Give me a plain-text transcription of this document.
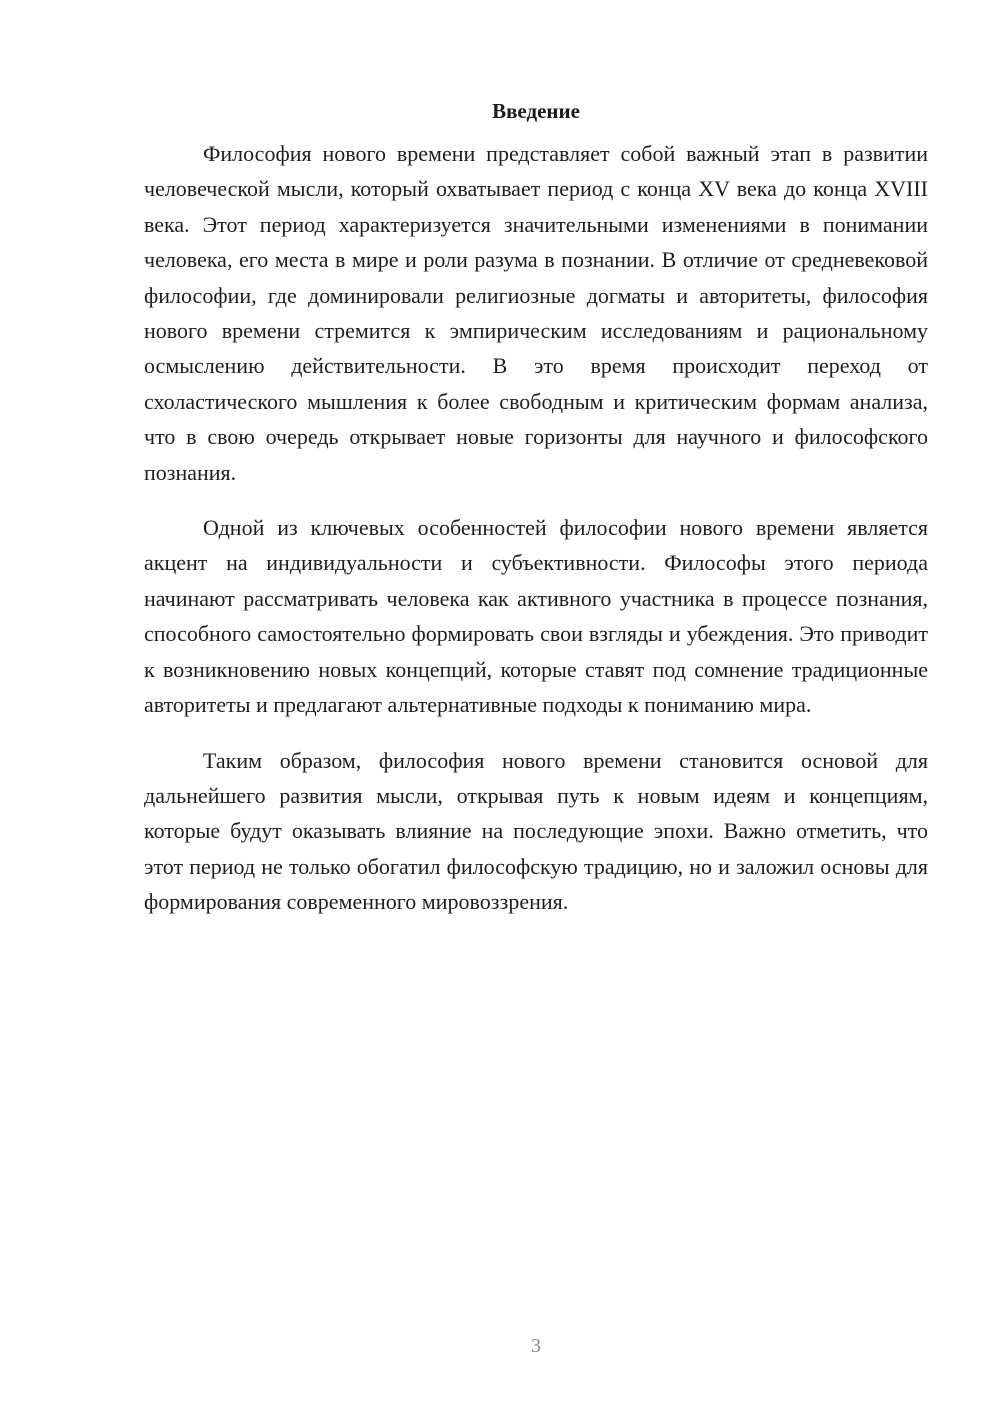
Введение

Философия нового времени представляет собой важный этап в развитии человеческой мысли, который охватывает период с конца XV века до конца XVIII века. Этот период характеризуется значительными изменениями в понимании человека, его места в мире и роли разума в познании. В отличие от средневековой философии, где доминировали религиозные догматы и авторитеты, философия нового времени стремится к эмпирическим исследованиям и рациональному осмыслению действительности. В это время происходит переход от схоластического мышления к более свободным и критическим формам анализа, что в свою очередь открывает новые горизонты для научного и философского познания.

Одной из ключевых особенностей философии нового времени является акцент на индивидуальности и субъективности. Философы этого периода начинают рассматривать человека как активного участника в процессе познания, способного самостоятельно формировать свои взгляды и убеждения. Это приводит к возникновению новых концепций, которые ставят под сомнение традиционные авторитеты и предлагают альтернативные подходы к пониманию мира.

Таким образом, философия нового времени становится основой для дальнейшего развития мысли, открывая путь к новым идеям и концепциям, которые будут оказывать влияние на последующие эпохи. Важно отметить, что этот период не только обогатил философскую традицию, но и заложил основы для формирования современного мировоззрения.

3
